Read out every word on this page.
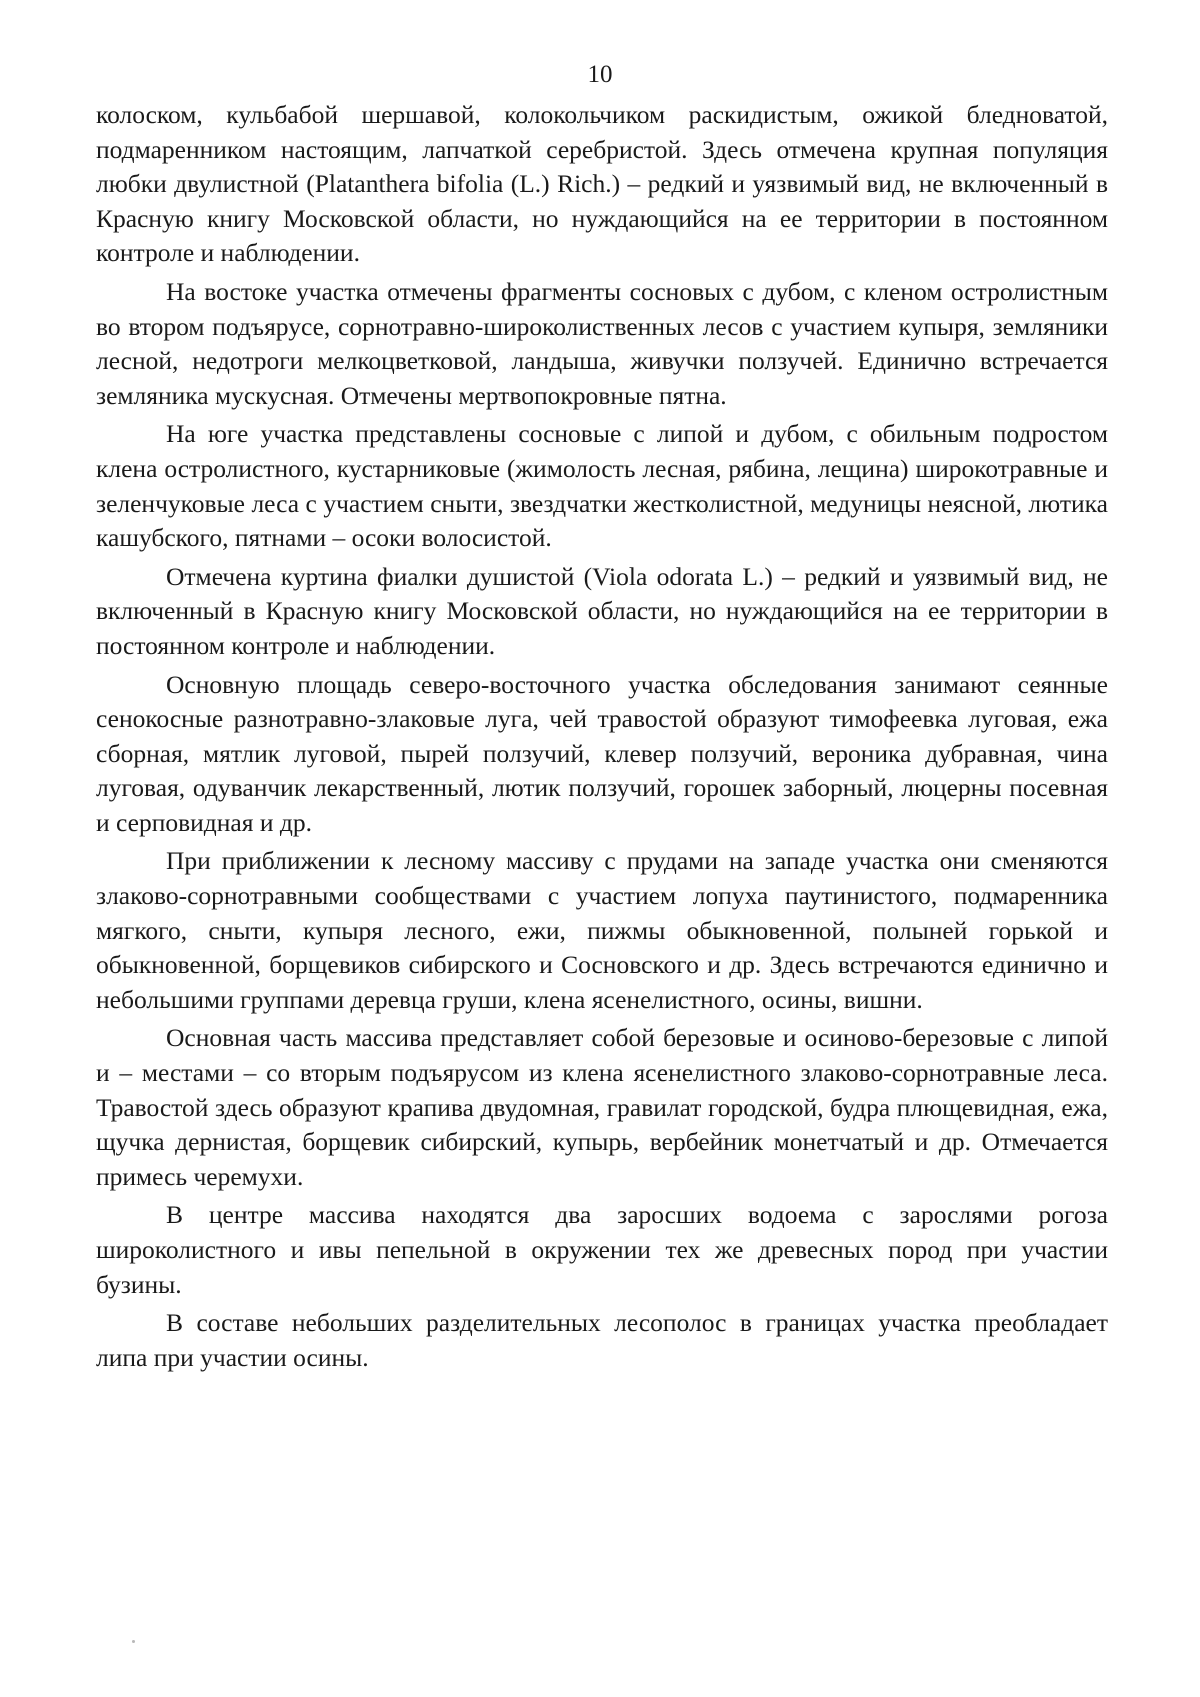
10

колоском, кульбабой шершавой, колокольчиком раскидистым, ожикой бледноватой, подмаренником настоящим, лапчаткой серебристой. Здесь отмечена крупная популяция любки двулистной (Platanthera bifolia (L.) Rich.) – редкий и уязвимый вид, не включенный в Красную книгу Московской области, но нуждающийся на ее территории в постоянном контроле и наблюдении.

На востоке участка отмечены фрагменты сосновых с дубом, с кленом остролистным во втором подъярусе, сорнотравно-широколиственных лесов с участием купыря, земляники лесной, недотроги мелкоцветковой, ландыша, живучки ползучей. Единично встречается земляника мускусная. Отмечены мертвопокровные пятна.

На юге участка представлены сосновые с липой и дубом, с обильным подростом клена остролистного, кустарниковые (жимолость лесная, рябина, лещина) широкотравные и зеленчуковые леса с участием сныти, звездчатки жестколистной, медуницы неясной, лютика кашубского, пятнами – осоки волосистой.

Отмечена куртина фиалки душистой (Viola odorata L.) – редкий и уязвимый вид, не включенный в Красную книгу Московской области, но нуждающийся на ее территории в постоянном контроле и наблюдении.

Основную площадь северо-восточного участка обследования занимают сеянные сенокосные разнотравно-злаковые луга, чей травостой образуют тимофеевка луговая, ежа сборная, мятлик луговой, пырей ползучий, клевер ползучий, вероника дубравная, чина луговая, одуванчик лекарственный, лютик ползучий, горошек заборный, люцерны посевная и серповидная и др.

При приближении к лесному массиву с прудами на западе участка они сменяются злаково-сорнотравными сообществами с участием лопуха паутинистого, подмаренника мягкого, сныти, купыря лесного, ежи, пижмы обыкновенной, полыней горькой и обыкновенной, борщевиков сибирского и Сосновского и др. Здесь встречаются единично и небольшими группами деревца груши, клена ясенелистного, осины, вишни.

Основная часть массива представляет собой березовые и осиново-березовые с липой и – местами – со вторым подъярусом из клена ясенелистного злаково-сорнотравные леса. Травостой здесь образуют крапива двудомная, гравилат городской, будра плющевидная, ежа, щучка дернистая, борщевик сибирский, купырь, вербейник монетчатый и др. Отмечается примесь черемухи.

В центре массива находятся два заросших водоема с зарослями рогоза широколистного и ивы пепельной в окружении тех же древесных пород при участии бузины.

В составе небольших разделительных лесополос в границах участка преобладает липа при участии осины.
